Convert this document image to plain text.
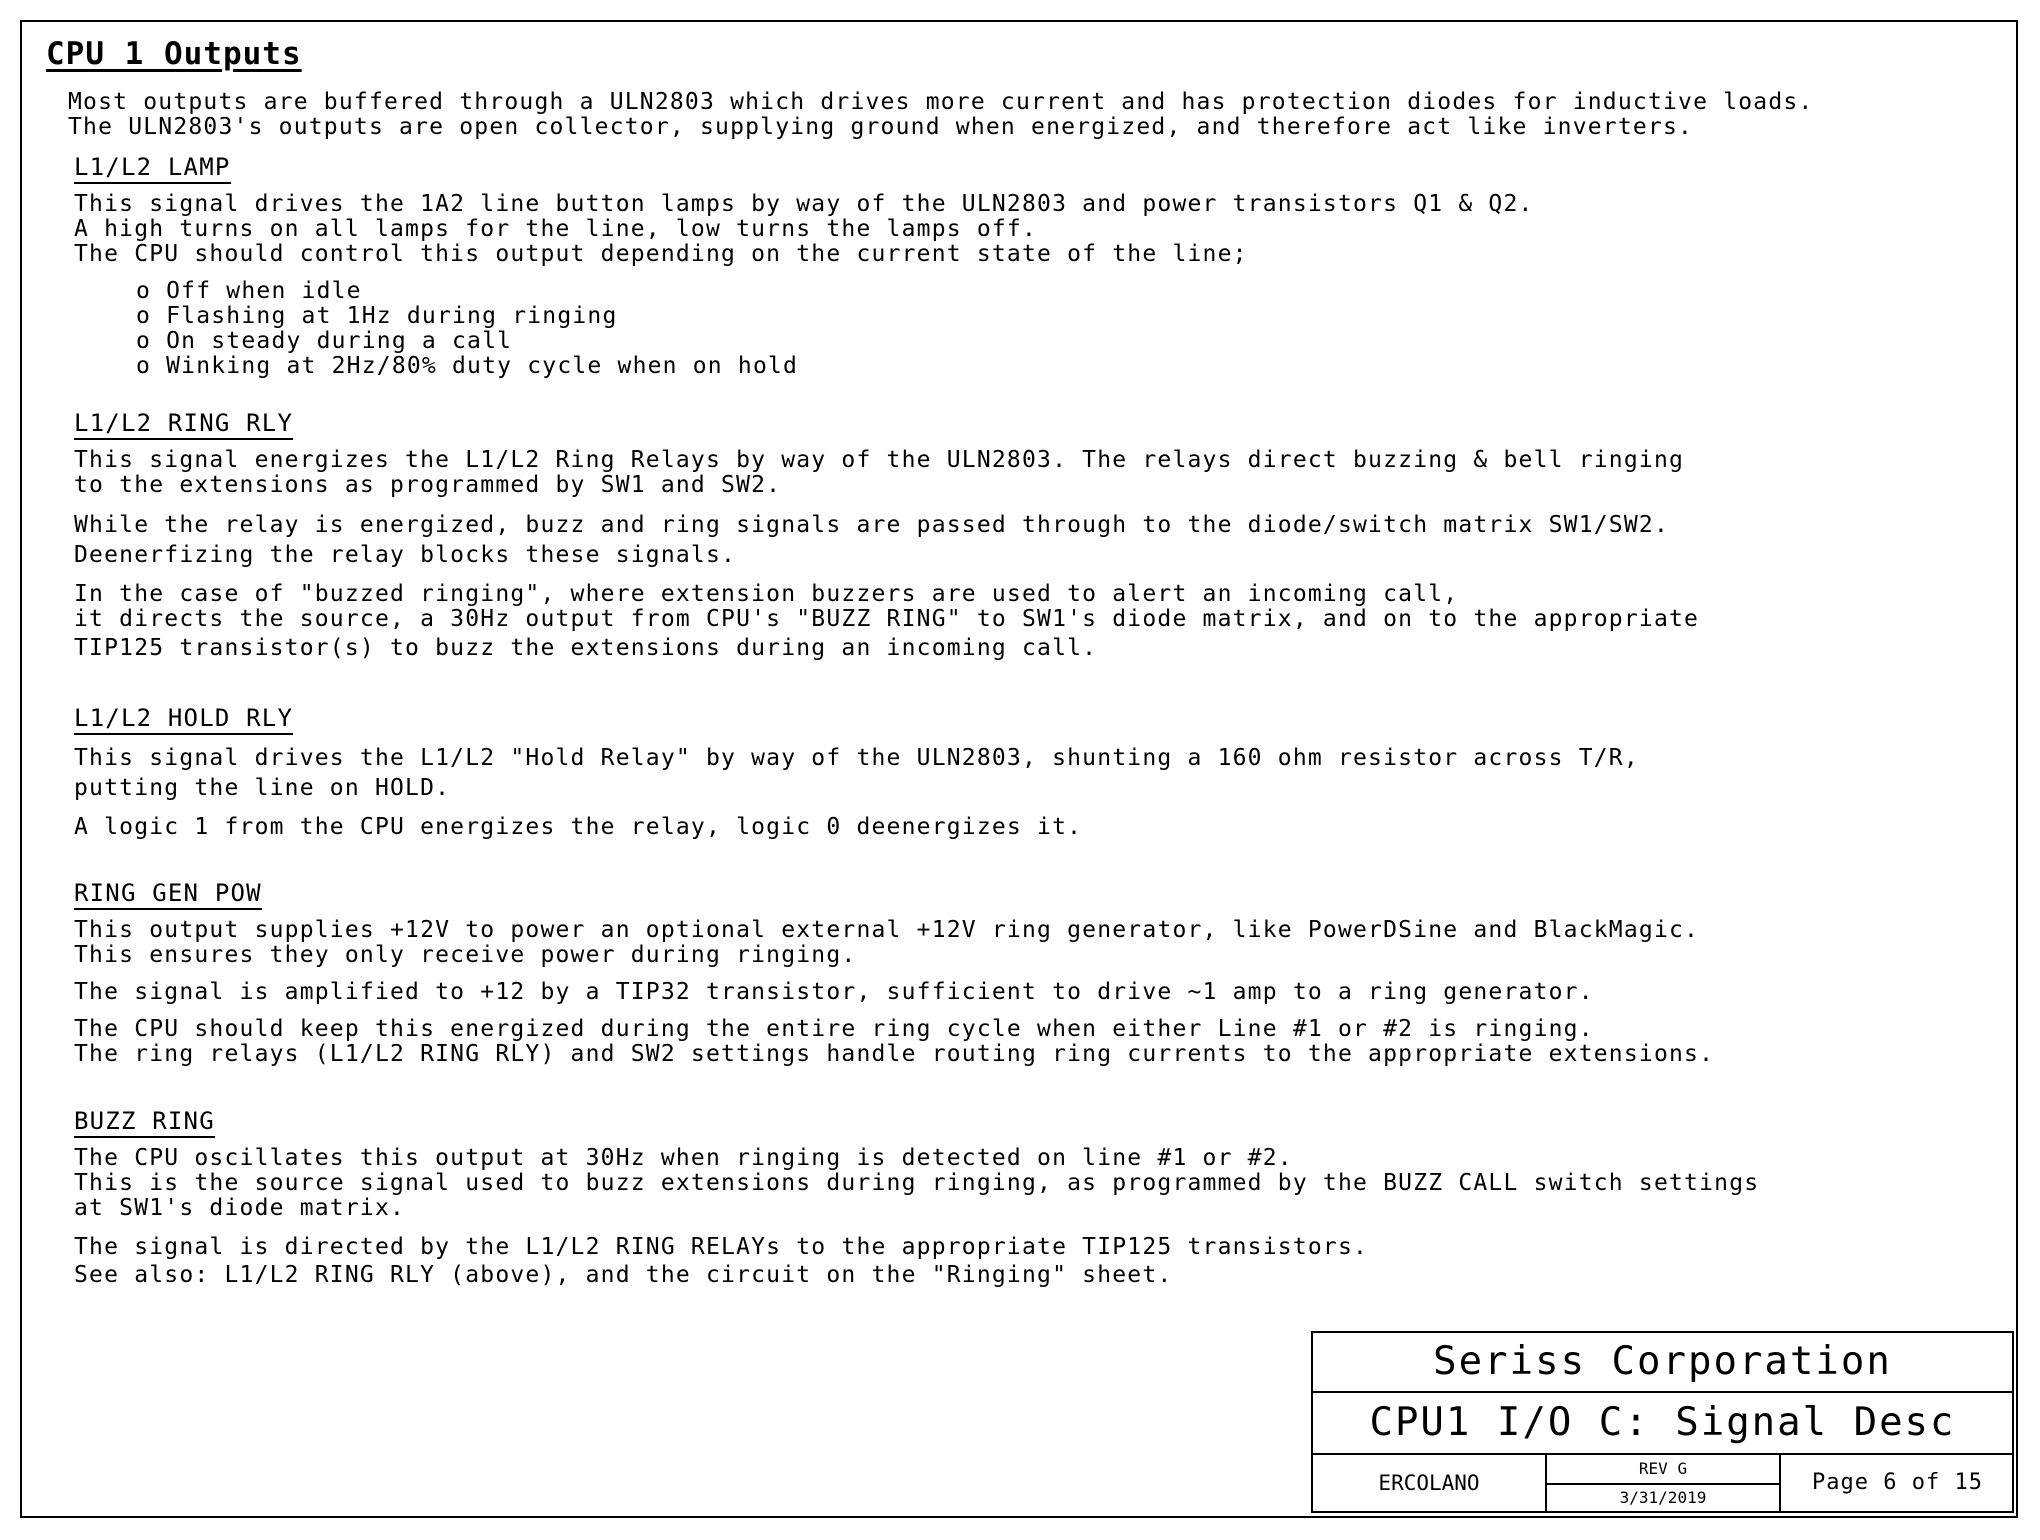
CPU 1 Outputs
Most outputs are buffered through a ULN2803 which drives more current and has protection diodes for inductive loads.
The ULN2803's outputs are open collector, supplying ground when energized, and therefore act like inverters.
L1/L2 LAMP
This signal drives the 1A2 line button lamps by way of the ULN2803 and power transistors Q1 & Q2.
A high turns on all lamps for the line, low turns the lamps off.
The CPU should control this output depending on the current state of the line;
o Off when idle
o Flashing at 1Hz during ringing
o On steady during a call
o Winking at 2Hz/80% duty cycle when on hold
L1/L2 RING RLY
This signal energizes the L1/L2 Ring Relays by way of the ULN2803. The relays direct buzzing & bell ringing
to the extensions as programmed by SW1 and SW2.
While the relay is energized, buzz and ring signals are passed through to the diode/switch matrix SW1/SW2.
Deenerfizing the relay blocks these signals.
In the case of "buzzed ringing", where extension buzzers are used to alert an incoming call,
it directs the source, a 30Hz output from CPU's "BUZZ RING" to SW1's diode matrix, and on to the appropriate
TIP125 transistor(s) to buzz the extensions during an incoming call.
L1/L2 HOLD RLY
This signal drives the L1/L2 "Hold Relay" by way of the ULN2803, shunting a 160 ohm resistor across T/R,
putting the line on HOLD.
A logic 1 from the CPU energizes the relay, logic 0 deenergizes it.
RING GEN POW
This output supplies +12V to power an optional external +12V ring generator, like PowerDSine and BlackMagic.
This ensures they only receive power during ringing.
The signal is amplified to +12 by a TIP32 transistor, sufficient to drive ~1 amp to a ring generator.
The CPU should keep this energized during the entire ring cycle when either Line #1 or #2 is ringing.
The ring relays (L1/L2 RING RLY) and SW2 settings handle routing ring currents to the appropriate extensions.
BUZZ RING
The CPU oscillates this output at 30Hz when ringing is detected on line #1 or #2.
This is the source signal used to buzz extensions during ringing, as programmed by the BUZZ CALL switch settings
at SW1's diode matrix.
The signal is directed by the L1/L2 RING RELAYs to the appropriate TIP125 transistors.
See also: L1/L2 RING RLY (above), and the circuit on the "Ringing" sheet.
Seriss Corporation
CPU1 I/O C: Signal Desc
ERCOLANO
REV G
3/31/2019
Page 6 of 15
